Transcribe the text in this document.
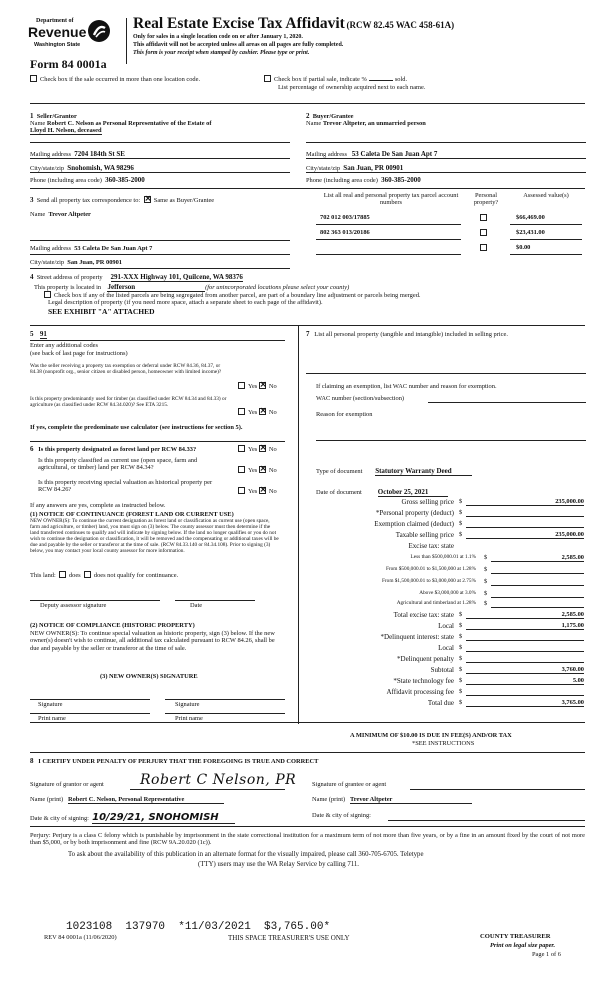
Department of
Revenue
Washington State
Real Estate Excise Tax Affidavit (RCW 82.45 WAC 458-61A)
Only for sales in a single location code on or after January 1, 2020.
This affidavit will not be accepted unless all areas on all pages are fully completed.
This form is your receipt when stamped by cashier. Please type or print.
Form 84 0001a
Check box if the sale occurred in more than one location code.	Check box if partial sale, indicate %	sold.
List percentage of ownership acquired next to each name.
1 Seller/Grantor
Name Robert C. Nelson as Personal Representative of the Estate of
Lloyd H. Nelson, deceased
Mailing address 7204 184th St SE
City/state/zip Snohomish, WA 98296
Phone (including area code) 360-385-2000
2 Buyer/Grantee
Name Trevor Altpeter, an unmarried person
Mailing address 53 Caleta De San Juan Apt 7
City/state/zip San Juan, PR 00901
Phone (including area code) 360-385-2000
3 Send all property tax correspondence to: × Same as Buyer/Grantee
Name Trevor Altpeter
Mailing address 53 Caleta De San Juan Apt 7
City/state/zip San Juan, PR 00901
List all real and personal property tax parcel account numbers
Personal property?
Assessed value(s)
702 012 003/17885	$66,469.00
802 363 013/20186	$23,431.00
$0.00
4 Street address of property 291-XXX Highway 101, Quilcene, WA 98376
This property is located in Jefferson	(for unincorporated locations please select your county)
Check box if any of the listed parcels are being segregated from another parcel, are part of a boundary line adjustment or parcels being merged.
Legal description of property (if you need more space, attach a separate sheet to each page of the affidavit).
SEE EXHIBIT "A" ATTACHED
5 91
Enter any additional codes
(see back of last page for instructions)
Was the seller receiving a property tax exemption or deferral under RCW 84.36, 84.37, or 84.38 (nonprofit org., senior citizen or disabled person, homeowner with limited income)?
Yes × No
Is this property predominantly used for timber (as classified under RCW 84.34 and 84.33) or agriculture (as classified under RCW 84.34.020)? See ETA 3215.
Yes × No
If yes, complete the predominate use calculator (see instructions for section 5).
6 Is this property designated as forest land per RCW 84.33?	Yes × No
Is this property classified as current use (open space, farm and agricultural, or timber) land per RCW 84.34?	Yes × No
Is this property receiving special valuation as historical property per RCW 84.26?	Yes × No
If any answers are yes, complete as instructed below.
(1) NOTICE OF CONTINUANCE (FOREST LAND OR CURRENT USE)
NEW OWNER(S): To continue the current designation as forest land or classification as current use (open space, farm and agriculture, or timber) land, you must sign on (3) below. The county assessor must then determine if the land transferred continues to qualify and will indicate by signing below. If the land no longer qualifies or you do not wish to continue the designation or classification, it will be removed and the compensating or additional taxes will be due and payable by the seller or transferor at the time of sale. (RCW 84.33.140 or 84.34.108). Prior to signing (3) below, you may contact your local county assessor for more information.
This land: does does not qualify for continuance.
Deputy assessor signature	Date
(2) NOTICE OF COMPLIANCE (HISTORIC PROPERTY)
NEW OWNER(S): To continue special valuation as historic property, sign (3) below. If the new owner(s) doesn't wish to continue, all additional tax calculated pursuant to RCW 84.26, shall be due and payable by the seller or transferor at the time of sale.
(3) NEW OWNER(S) SIGNATURE
Signature	Signature
Print name	Print name
7 List all personal property (tangible and intangible) included in selling price.
If claiming an exemption, list WAC number and reason for exemption.
WAC number (section/subsection)
Reason for exemption
Type of document Statutory Warranty Deed
Date of document October 25, 2021
Gross selling price $	235,000.00
*Personal property (deduct) $
Exemption claimed (deduct) $
Taxable selling price $	235,000.00
Excise tax: state
Less than $500,000.01 at 1.1% $	2,585.00
From $500,000.01 to $1,500,000 at 1.28% $
From $1,500,000.01 to $3,000,000 at 2.75% $
Above $3,000,000 at 3.0% $
Agricultural and timberland at 1.28% $
Total excise tax: state $	2,585.00
Local $	1,175.00
*Delinquent interest: state $
Local $
*Delinquent penalty $
Subtotal $	3,760.00
*State technology fee $	5.00
Affidavit processing fee $
Total due $	3,765.00
A MINIMUM OF $10.00 IS DUE IN FEE(S) AND/OR TAX
*SEE INSTRUCTIONS
8 I CERTIFY UNDER PENALTY OF PERJURY THAT THE FOREGOING IS TRUE AND CORRECT
Signature of grantor or agent	Robert C Nelson, PR
Name (print) Robert C. Nelson, Personal Representative
Date & city of signing: 10/29/21, SNOHOMISH
Signature of grantee or agent
Name (print) Trevor Altpeter
Date & city of signing:
Perjury: Perjury is a class C felony which is punishable by imprisonment in the state correctional institution for a maximum term of not more than five years, or by a fine in an amount fixed by the court of not more than $5,000, or by both imprisonment and fine (RCW 9A.20.020 (1c)).
To ask about the availability of this publication in an alternate format for the visually impaired, please call 360-705-6705. Teletype
(TTY) users may use the WA Relay Service by calling 711.
1023108  137970  *11/03/2021  $3,765.00*
REV 84 0001a (11/06/2020)	THIS SPACE TREASURER'S USE ONLY	COUNTY TREASURER
Print on legal size paper.
Page 1 of 6
